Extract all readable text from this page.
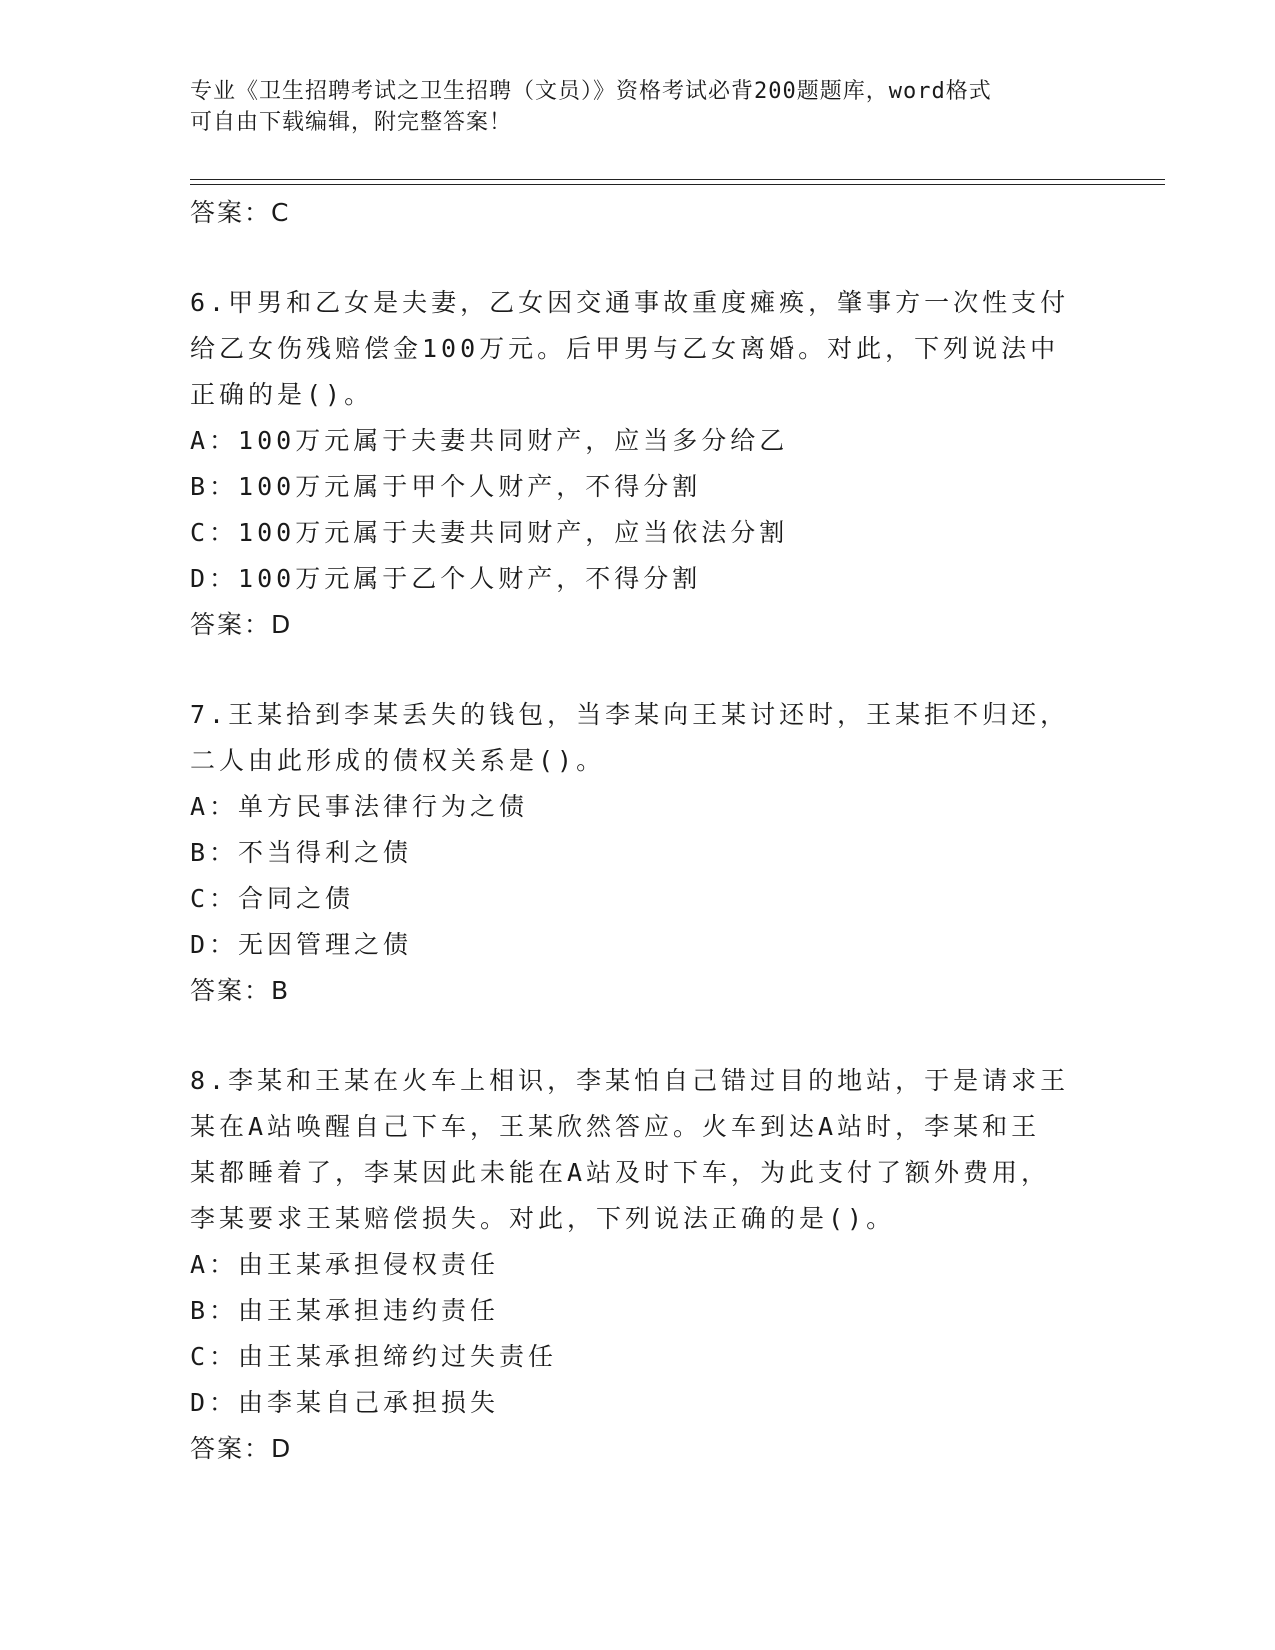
专业《卫生招聘考试之卫生招聘（文员）》资格考试必背200题题库，word格式
可自由下载编辑，附完整答案！
答案：C
6.甲男和乙女是夫妻，乙女因交通事故重度瘫痪，肇事方一次性支付
给乙女伤残赔偿金100万元。后甲男与乙女离婚。对此，下列说法中
正确的是()。
A：100万元属于夫妻共同财产，应当多分给乙
B：100万元属于甲个人财产，不得分割
C：100万元属于夫妻共同财产，应当依法分割
D：100万元属于乙个人财产，不得分割
答案：D
7.王某拾到李某丢失的钱包，当李某向王某讨还时，王某拒不归还，
二人由此形成的债权关系是()。
A：单方民事法律行为之债
B：不当得利之债
C：合同之债
D：无因管理之债
答案：B
8.李某和王某在火车上相识，李某怕自己错过目的地站，于是请求王
某在A站唤醒自己下车，王某欣然答应。火车到达A站时，李某和王
某都睡着了，李某因此未能在A站及时下车，为此支付了额外费用，
李某要求王某赔偿损失。对此，下列说法正确的是()。
A：由王某承担侵权责任
B：由王某承担违约责任
C：由王某承担缔约过失责任
D：由李某自己承担损失
答案：D
